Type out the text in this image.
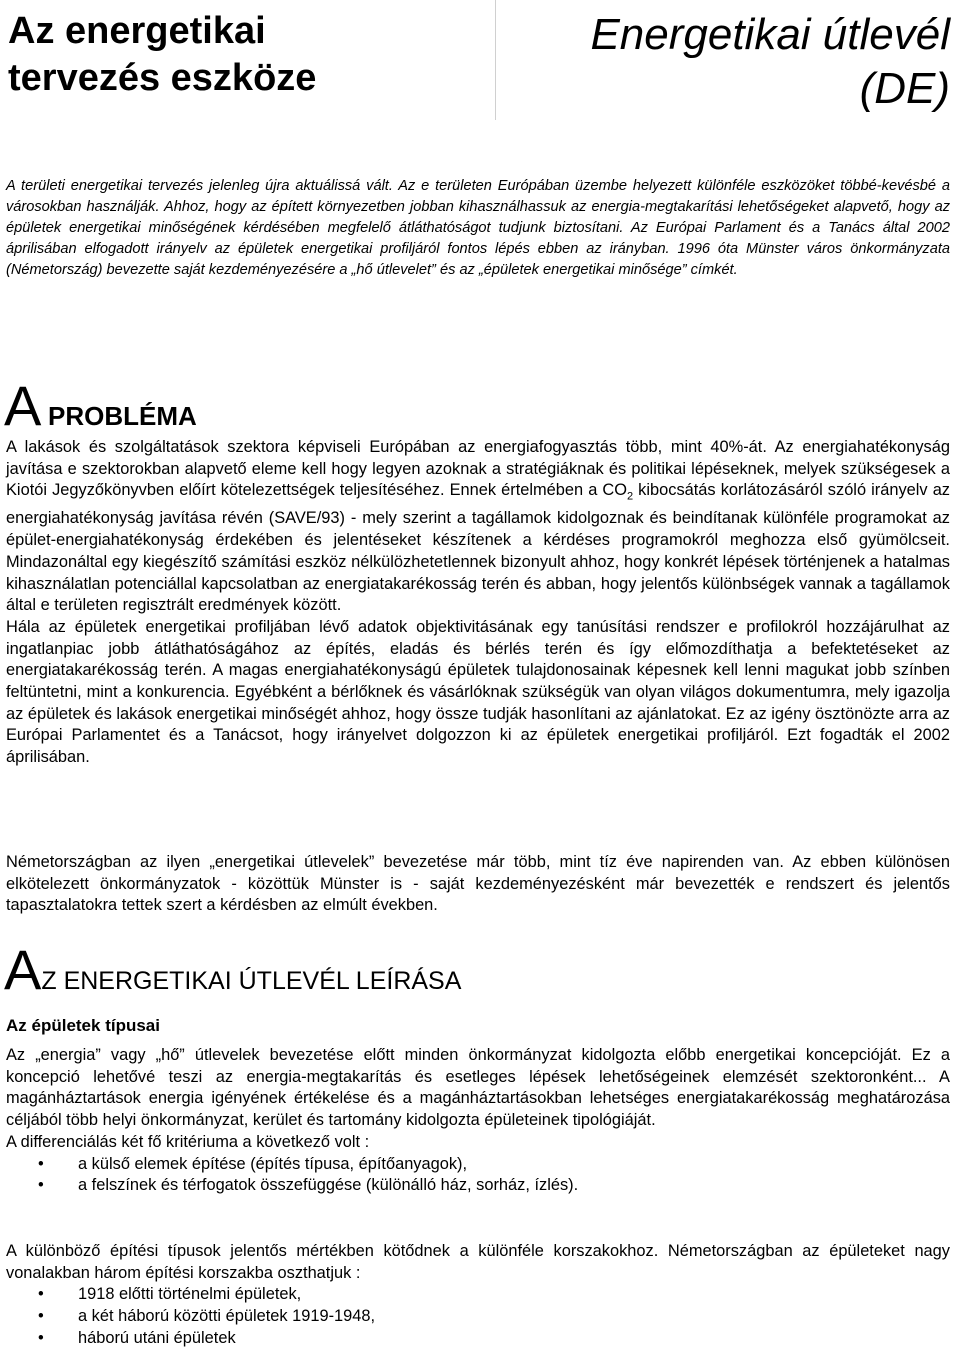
Az energetikai
tervezés eszköze
Energetikai útlevél
(DE)

A területi energetikai tervezés jelenleg újra aktuálissá vált. Az e területen Európában üzembe helyezett különféle eszközöket többé-kevésbé a városokban használják. Ahhoz, hogy az épített környezetben jobban kihasználhassuk az energia-megtakarítási lehetőségeket alapvető, hogy az épületek energetikai minőségének kérdésében megfelelő átláthatóságot tudjunk biztosítani. Az Európai Parlament és a Tanács által 2002 áprilisában elfogadott irányelv az épületek energetikai profiljáról fontos lépés ebben az irányban. 1996 óta Münster város önkormányzata (Németország) bevezette saját kezdeményezésére a „hő útlevelet” és az „épületek energetikai minősége” címkét.

A PROBLÉMA

A lakások és szolgáltatások szektora képviseli Európában az energiafogyasztás több, mint 40%-át. Az energiahatékonyság javítása e szektorokban alapvető eleme kell hogy legyen azoknak a stratégiáknak és politikai lépéseknek, melyek szükségesek a Kiotói Jegyzőkönyvben előírt kötelezettségek teljesítéséhez. Ennek értelmében a $CO_2$ kibocsátás korlátozásáról szóló irányelv az energiahatékonyság javítása révén (SAVE/93) - mely szerint a tagállamok kidolgoznak és beindítanak különféle programokat az épület-energiahatékonyság érdekében és jelentéseket készítenek a kérdéses programokról meghozza első gyümölcseit. Mindazonáltal egy kiegészítő számítási eszköz nélkülözhetetlennek bizonyult ahhoz, hogy konkrét lépések történjenek a hatalmas kihasználatlan potenciállal kapcsolatban az energiatakarékosság terén és abban, hogy jelentős különbségek vannak a tagállamok által e területen regisztrált eredmények között.

Hála az épületek energetikai profiljában lévő adatok objektivitásának egy tanúsítási rendszer e profilokról hozzájárulhat az ingatlanpiac jobb átláthatóságához az építés, eladás és bérlés terén és így előmozdíthatja a befektetéseket az energiatakarékosság terén. A magas energiahatékonyságú épületek tulajdonosainak képesnek kell lenni magukat jobb színben feltüntetni, mint a konkurencia. Egyébként a bérlőknek és vásárlóknak szükségük van olyan világos dokumentumra, mely igazolja az épületek és lakások energetikai minőségét ahhoz, hogy össze tudják hasonlítani az ajánlatokat. Ez az igény ösztönözte arra az Európai Parlamentet és a Tanácsot, hogy irányelvet dolgozzon ki az épületek energetikai profiljáról. Ezt fogadták el 2002 áprilisában.

Németországban az ilyen „energetikai útlevelek” bevezetése már több, mint tíz éve napirenden van. Az ebben különösen elkötelezett önkormányzatok - közöttük Münster is - saját kezdeményezésként már bevezették e rendszert és jelentős tapasztalatokra tettek szert a kérdésben az elmúlt években.

AZ ENERGETIKAI ÚTLEVÉL LEÍRÁSA
Az épületek típusai

Az „energia” vagy „hő” útlevelek bevezetése előtt minden önkormányzat kidolgozta előbb energetikai koncepcióját. Ez a koncepció lehetővé teszi az energia-megtakarítás és esetleges lépések lehetőségeinek elemzését szektoronként... A magánháztartások energia igényének értékelése és a magánháztartásokban lehetséges energiatakarékosság meghatározása céljából több helyi önkormányzat, kerület és tartomány kidolgozta épületeinek tipológiáját.

A differenciálás két fő kritériuma a következő volt :

• a külső elemek építése (építés típusa, építőanyagok),
• a felszínek és térfogatok összefüggése (különálló ház, sorház, ízlés).

A különböző építési típusok jelentős mértékben kötődnek a különféle korszakokhoz. Németországban az épületeket nagy vonalakban három építési korszakba oszthatjuk :

• 1918 előtti történelmi épületek,
• a két háború közötti épületek 1919-1948,
• háború utáni épületek
